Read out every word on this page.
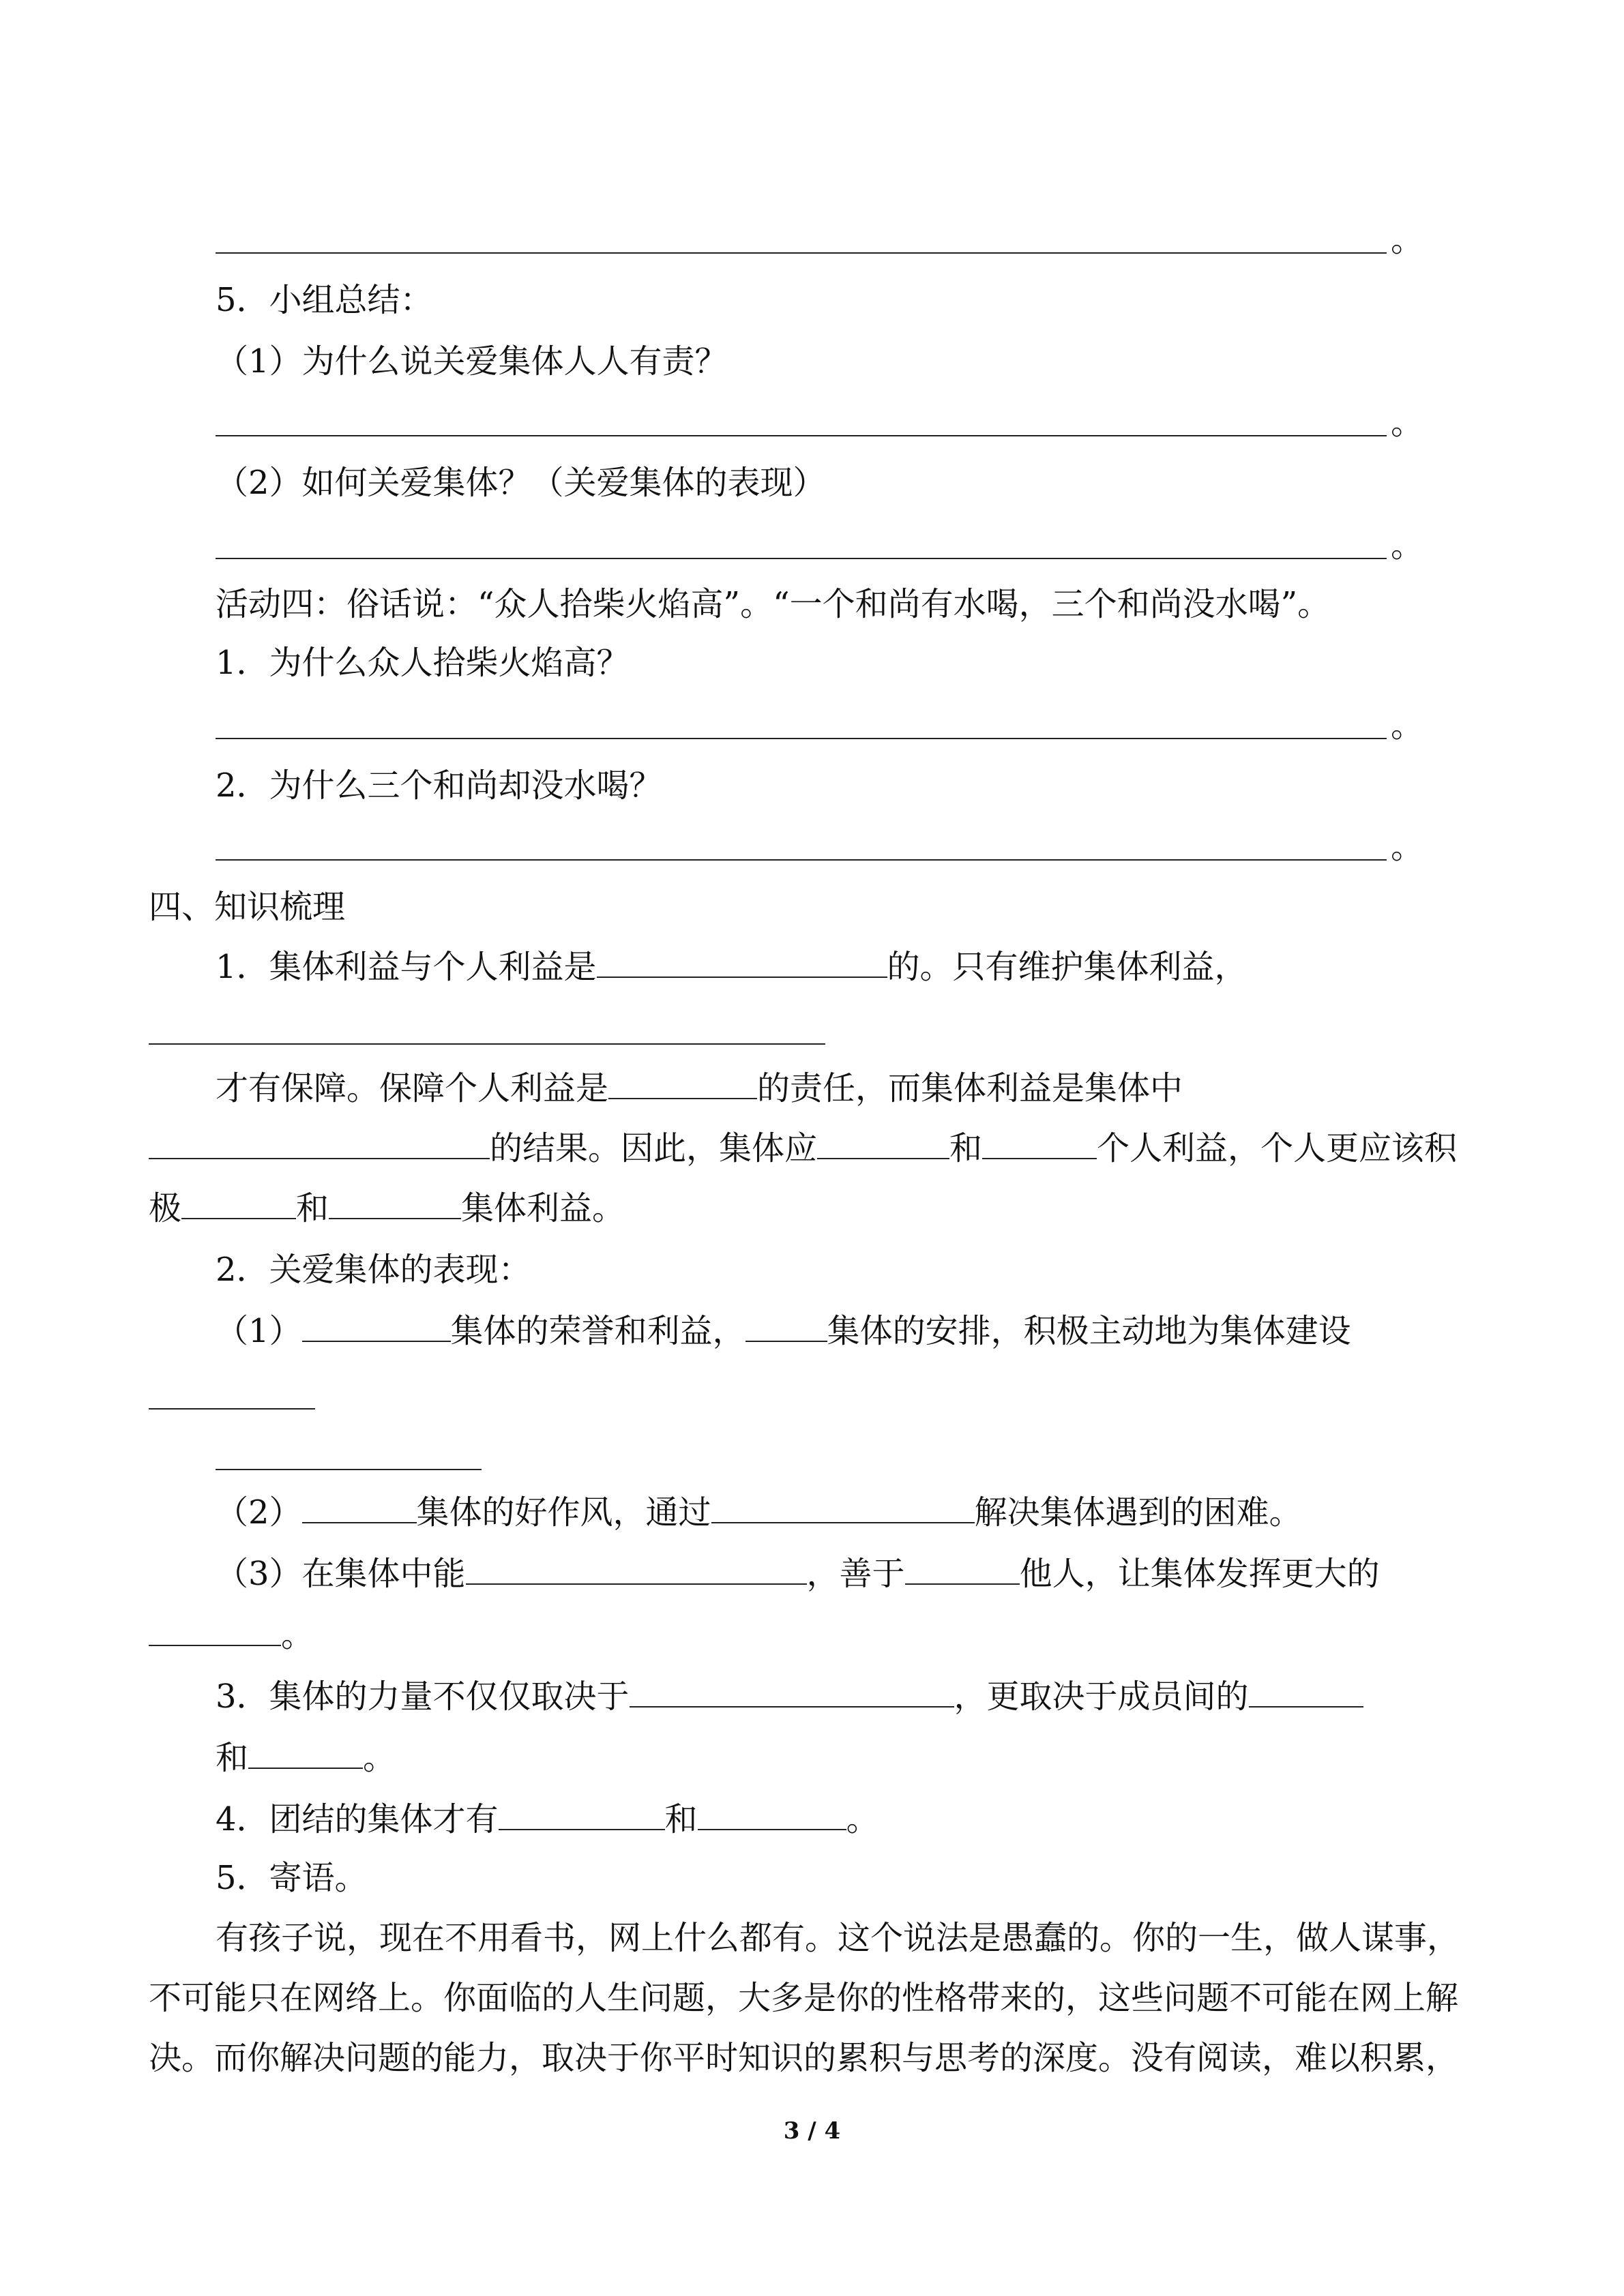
。
5．小组总结：
（1）为什么说关爱集体人人有责？
。
（2）如何关爱集体？（关爱集体的表现）
。
活动四：俗话说：“众人拾柴火焰高”。“一个和尚有水喝，三个和尚没水喝”。
1．为什么众人拾柴火焰高？
。
2．为什么三个和尚却没水喝？
。
四、知识梳理
1．集体利益与个人利益是	的。只有维护集体利益，
才有保障。保障个人利益是	的责任，而集体利益是集体中
的结果。因此，集体应	和	个人利益，个人更应该积
极	和	集体利益。
2．关爱集体的表现：
（1）	集体的荣誉和利益，	集体的安排，积极主动地为集体建设
（2）	集体的好作风，通过	解决集体遇到的困难。
（3）在集体中能	，善于	他人，让集体发挥更大的
。
3．集体的力量不仅仅取决于	，更取决于成员间的
和	。
4．团结的集体才有	和	。
5．寄语。
有孩子说，现在不用看书，网上什么都有。这个说法是愚蠢的。你的一生，做人谋事，
不可能只在网络上。你面临的人生问题，大多是你的性格带来的，这些问题不可能在网上解
决。而你解决问题的能力，取决于你平时知识的累积与思考的深度。没有阅读，难以积累，
3 / 4
